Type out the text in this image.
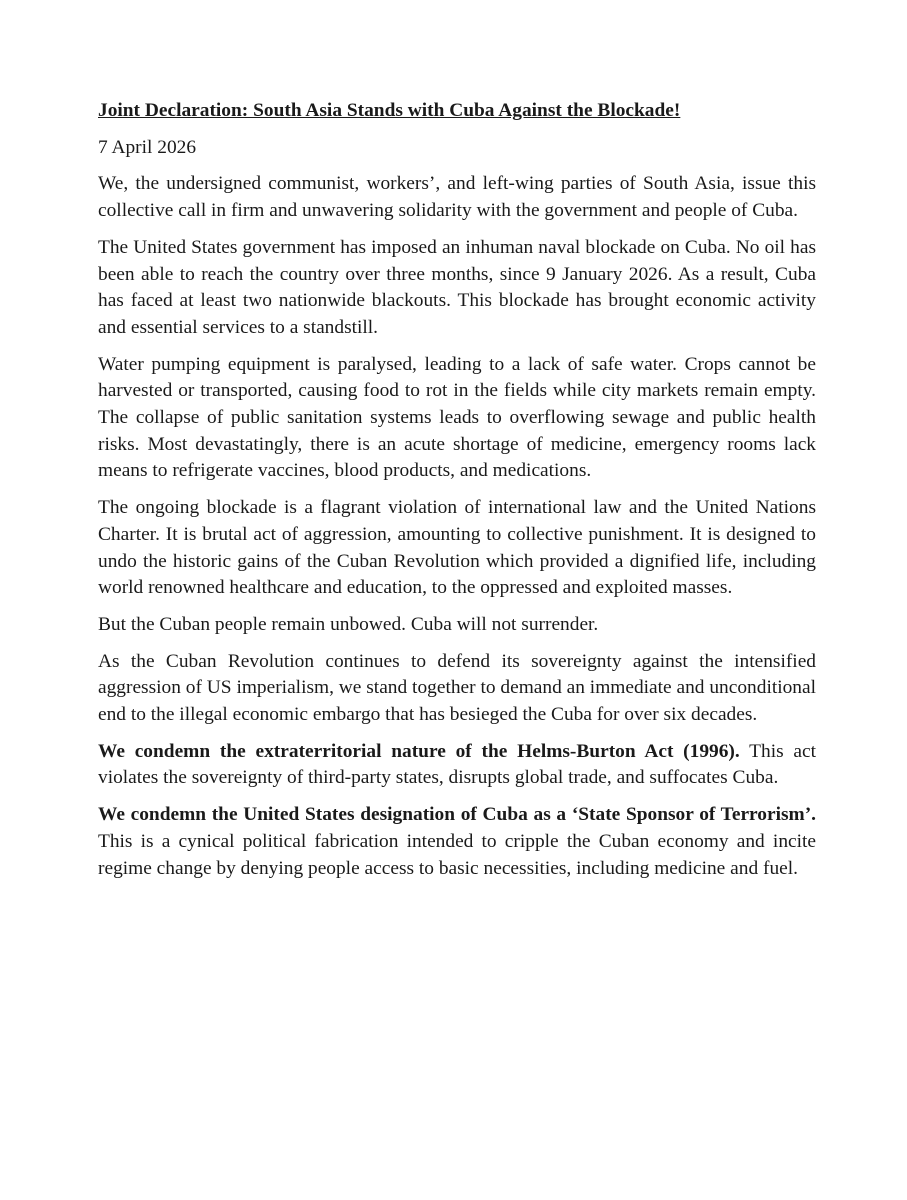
Joint Declaration: South Asia Stands with Cuba Against the Blockade!
7 April 2026

We, the undersigned communist, workers’, and left-wing parties of South Asia, issue this collective call in firm and unwavering solidarity with the government and people of Cuba.

The United States government has imposed an inhuman naval blockade on Cuba. No oil has been able to reach the country over three months, since 9 January 2026. As a result, Cuba has faced at least two nationwide blackouts. This blockade has brought economic activity and essential services to a standstill.

Water pumping equipment is paralysed, leading to a lack of safe water. Crops cannot be harvested or transported, causing food to rot in the fields while city markets remain empty. The collapse of public sanitation systems leads to overflowing sewage and public health risks. Most devastatingly, there is an acute shortage of medicine, emergency rooms lack means to refrigerate vaccines, blood products, and medications.

The ongoing blockade is a flagrant violation of international law and the United Nations Charter. It is brutal act of aggression, amounting to collective punishment. It is designed to undo the historic gains of the Cuban Revolution which provided a dignified life, including world renowned healthcare and education, to the oppressed and exploited masses.

But the Cuban people remain unbowed. Cuba will not surrender.

As the Cuban Revolution continues to defend its sovereignty against the intensified aggression of US imperialism, we stand together to demand an immediate and unconditional end to the illegal economic embargo that has besieged the Cuba for over six decades.

We condemn the extraterritorial nature of the Helms-Burton Act (1996). This act violates the sovereignty of third-party states, disrupts global trade, and suffocates Cuba.

We condemn the United States designation of Cuba as a ‘State Sponsor of Terrorism’. This is a cynical political fabrication intended to cripple the Cuban economy and incite regime change by denying people access to basic necessities, including medicine and fuel.
